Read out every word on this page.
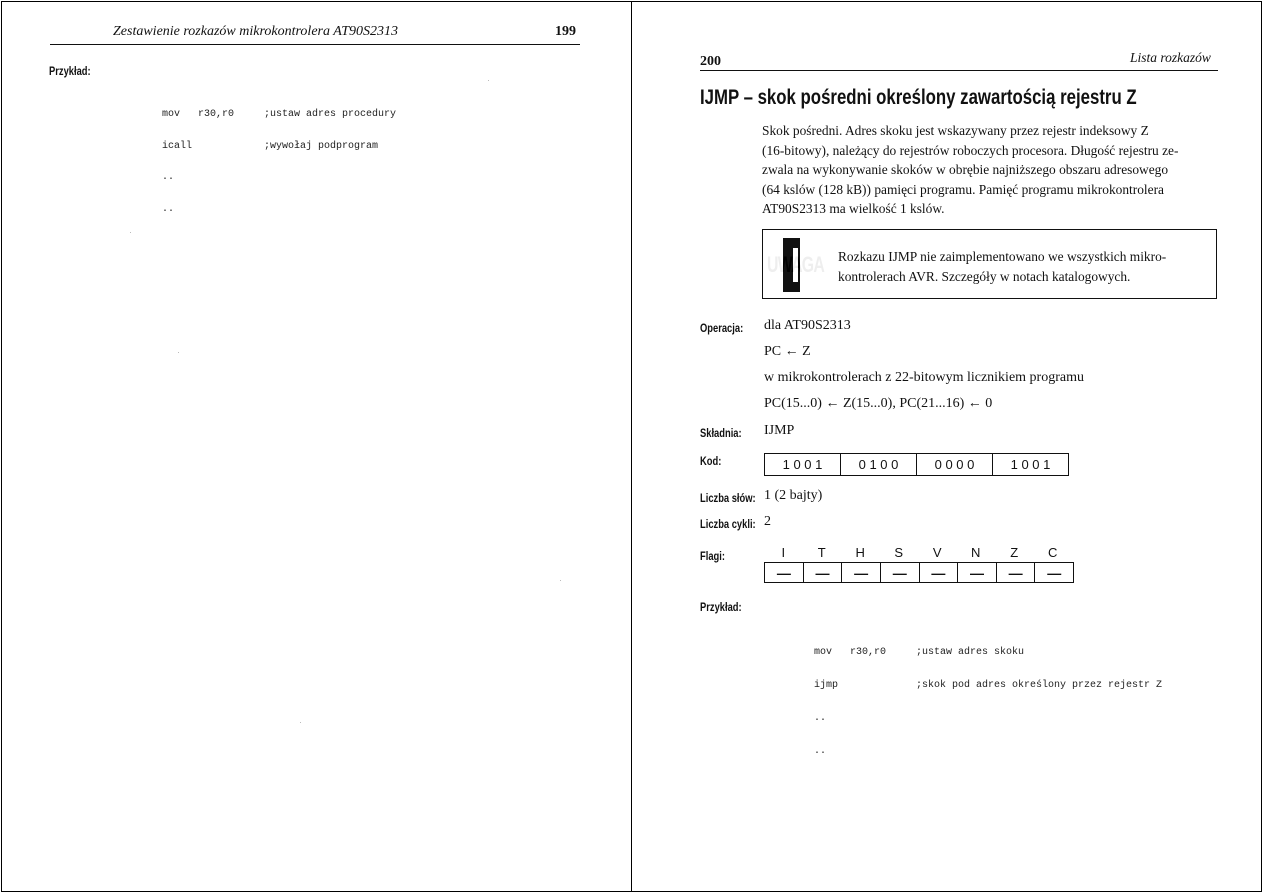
Zestawienie rozkazów mikrokontrolera AT90S2313	199
Przykład:

mov   r30,r0     ;ustaw adres procedury

icall            ;wywołaj podprogram

..

..

200	Lista rozkazów
IJMP – skok pośredni określony zawartością rejestru Z
Skok pośredni. Adres skoku jest wskazywany przez rejestr indeksowy Z
(16-bitowy), należący do rejestrów roboczych procesora. Długość rejestru ze-
zwala na wykonywanie skoków w obrębie najniższego obszaru adresowego
(64 kslów (128 kB)) pamięci programu. Pamięć programu mikrokontrolera
AT90S2313 ma wielkość 1 kslów.
UWAGA Rozkazu IJMP nie zaimplementowano we wszystkich mikro-
kontrolerach AVR. Szczegóły w notach katalogowych.
Operacja: dla AT90S2313
PC ← Z
w mikrokontrolerach z 22-bitowym licznikiem programu
PC(15...0) ← Z(15...0), PC(21...16) ← 0
Składnia: IJMP
Kod:	1 0 0 1	0 1 0 0	0 0 0 0	1 0 0 1
Liczba słów: 1 (2 bajty)
Liczba cykli: 2
Flagi:	I	T	H	S	V	N	Z	C
—	—	—	—	—	—	—	—
Przykład:

mov   r30,r0     ;ustaw adres skoku

ijmp             ;skok pod adres określony przez rejestr Z

..

..
